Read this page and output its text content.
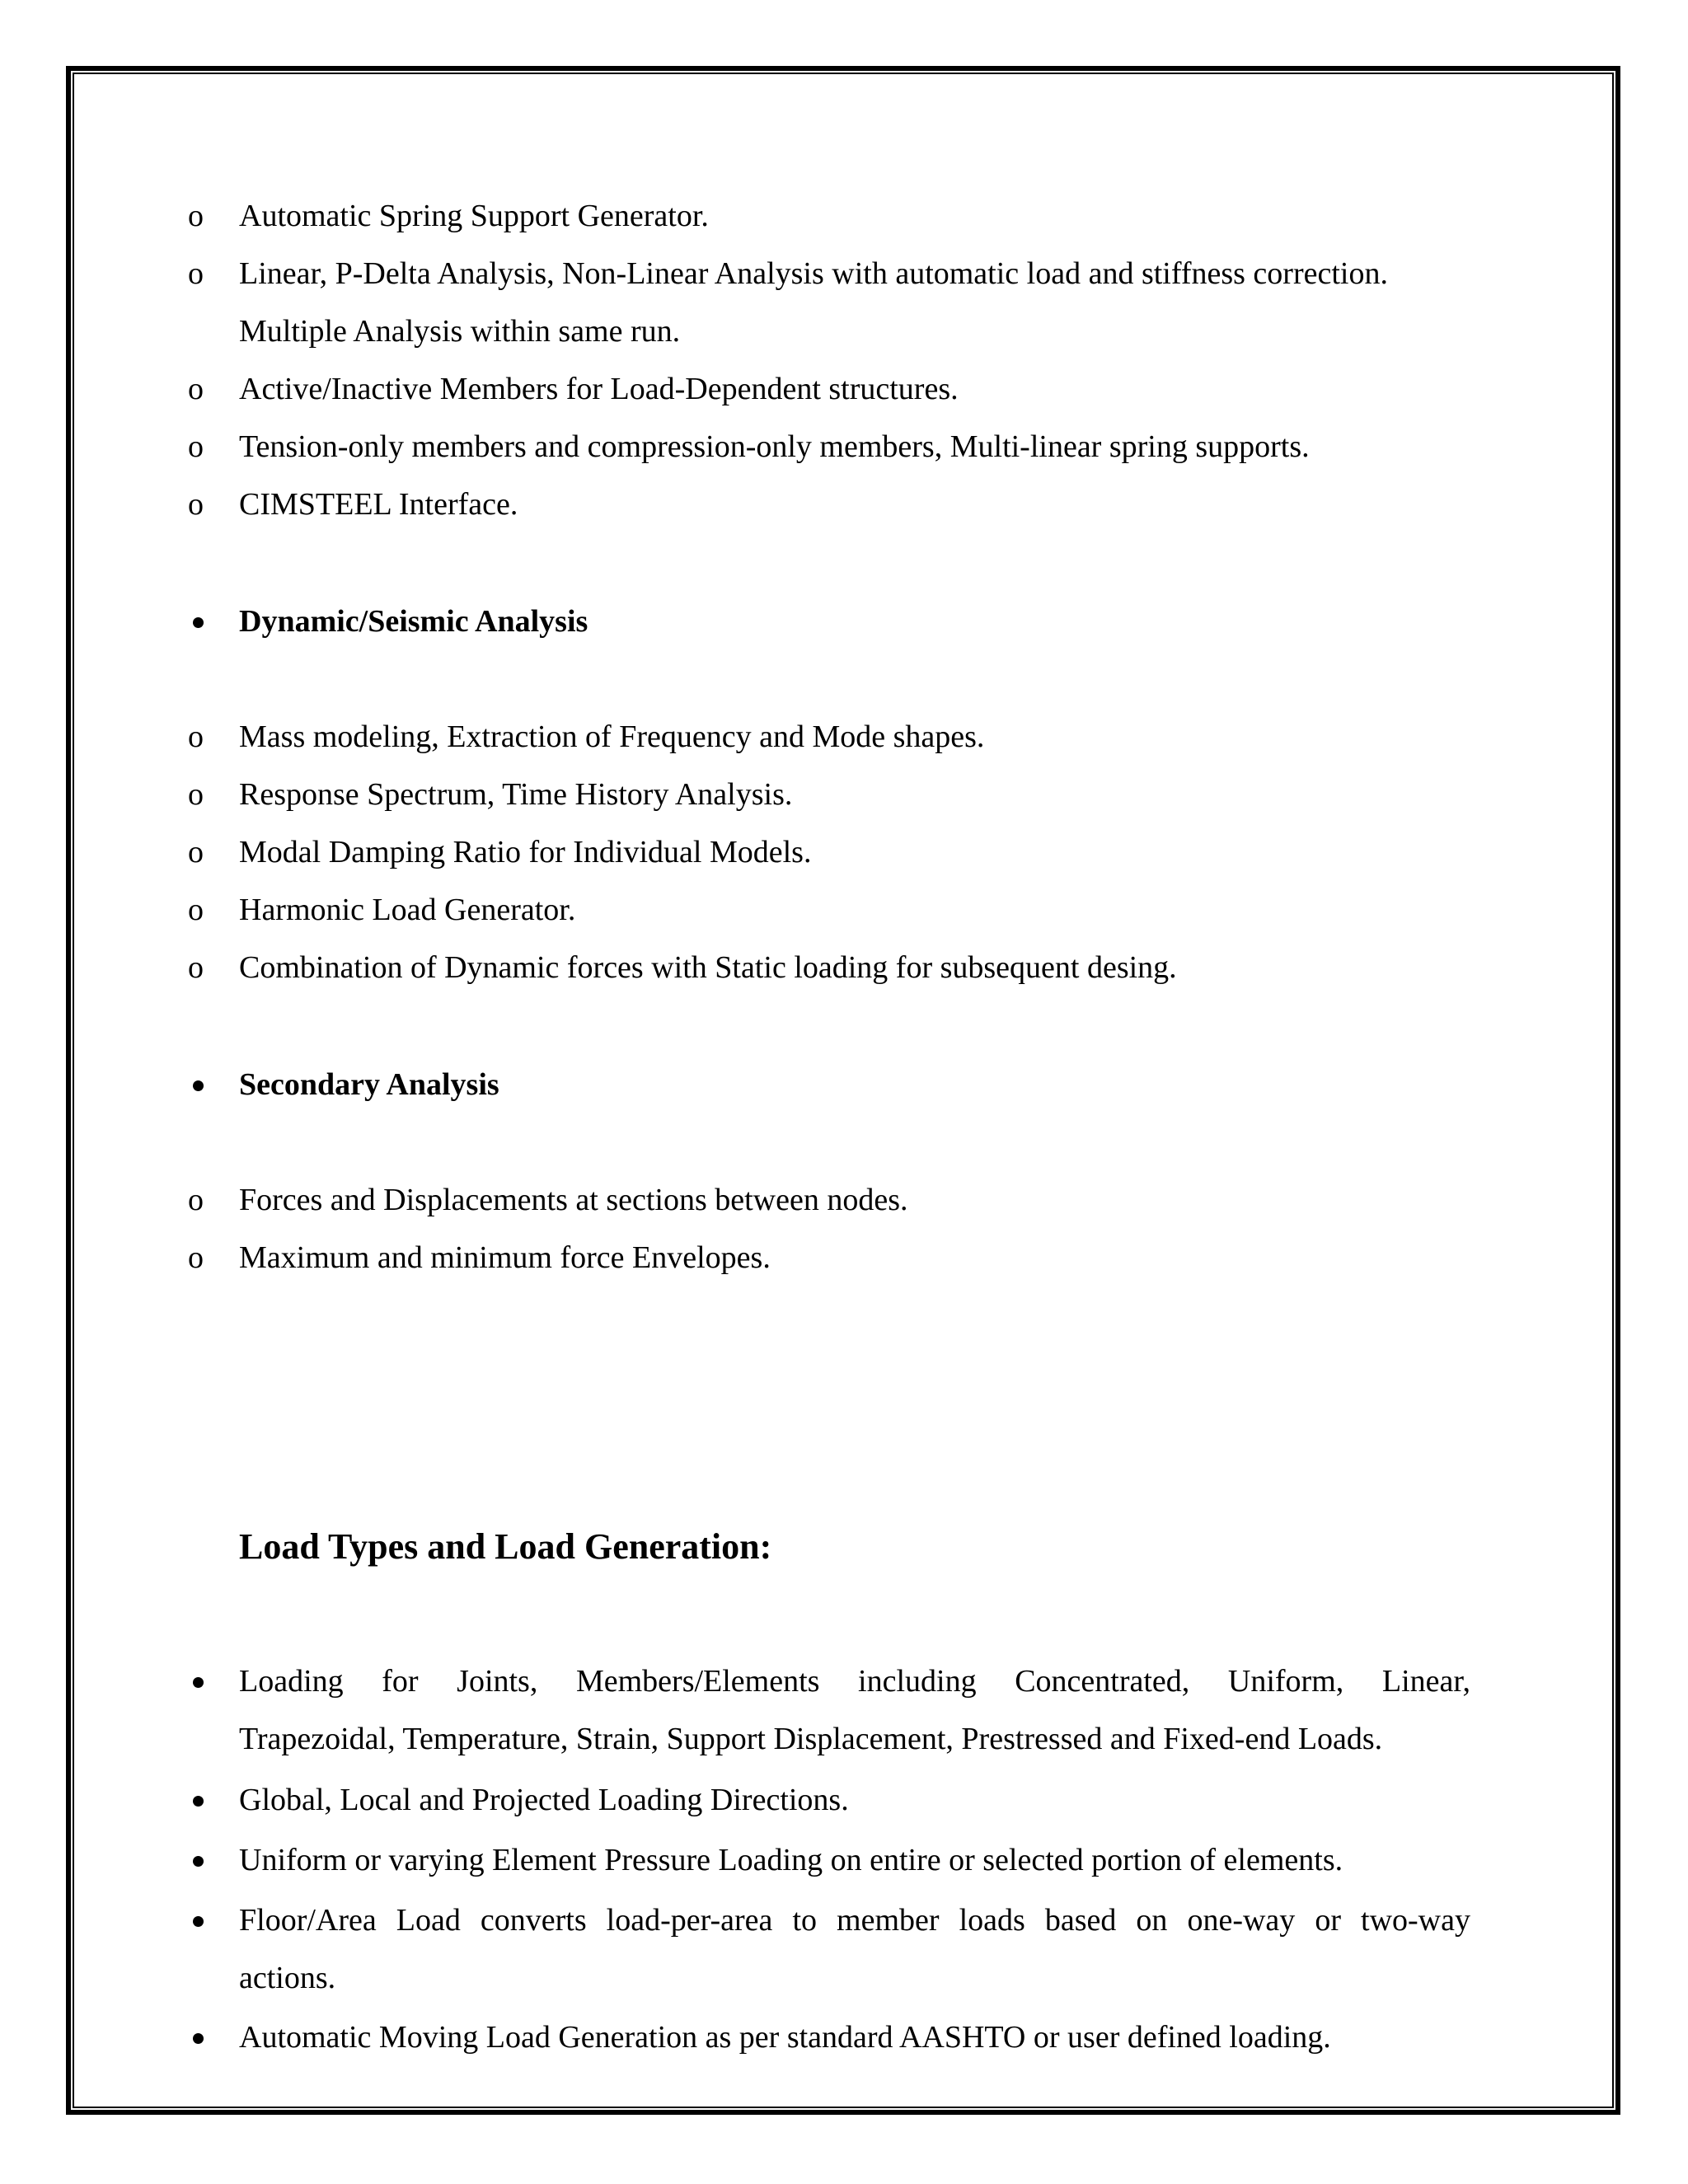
o Automatic Spring Support Generator.
o Linear, P-Delta Analysis, Non-Linear Analysis with automatic load and stiffness correction.
Multiple Analysis within same run.
o Active/Inactive Members for Load-Dependent structures.
o Tension-only members and compression-only members, Multi-linear spring supports.
o CIMSTEEL Interface.
Dynamic/Seismic Analysis
o Mass modeling, Extraction of Frequency and Mode shapes.
o Response Spectrum, Time History Analysis.
o Modal Damping Ratio for Individual Models.
o Harmonic Load Generator.
o Combination of Dynamic forces with Static loading for subsequent desing.
Secondary Analysis
o Forces and Displacements at sections between nodes.
o Maximum and minimum force Envelopes.
Load Types and Load Generation:
Loading for Joints, Members/Elements including Concentrated, Uniform, Linear,
Trapezoidal, Temperature, Strain, Support Displacement, Prestressed and Fixed-end Loads.
Global, Local and Projected Loading Directions.
Uniform or varying Element Pressure Loading on entire or selected portion of elements.
Floor/Area Load converts load-per-area to member loads based on one-way or two-way
actions.
Automatic Moving Load Generation as per standard AASHTO or user defined loading.
